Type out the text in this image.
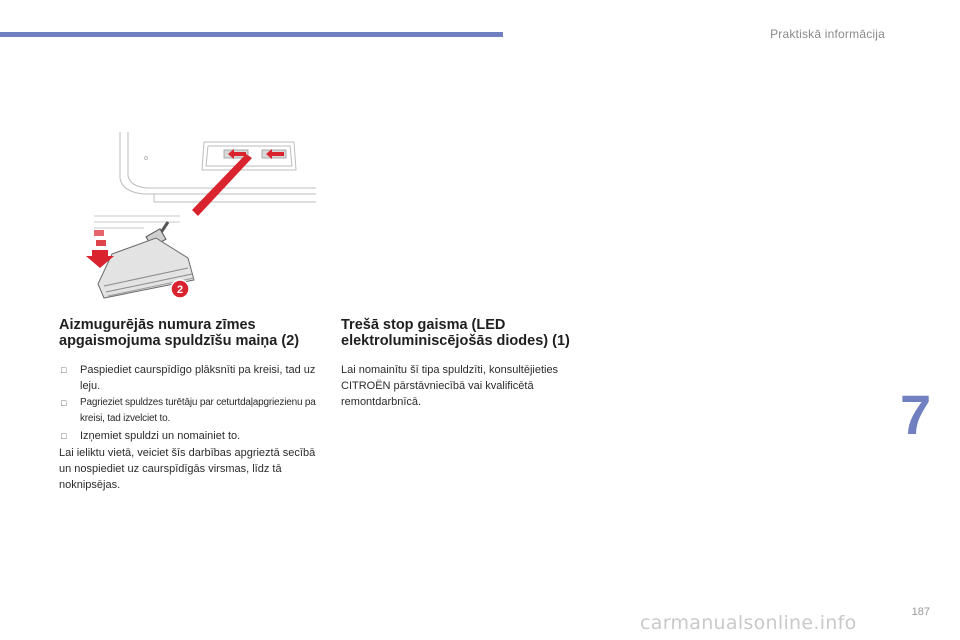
Praktiskā informācija
2
Aizmugurējās numura zīmes
apgaismojuma spuldzīšu maiņa (2)
□ Paspiediet caurspīdīgo plāksnīti pa kreisi, tad uz leju.
□ Pagrieziet spuldzes turētāju par ceturtdaļapgriezienu pa kreisi, tad izvelciet to.
□ Izņemiet spuldzi un nomainiet to.

Lai ieliktu vietā, veiciet šīs darbības apgrieztā secībā un nospiediet uz caurspīdīgās virsmas, līdz tā noknipsējas.

Trešā stop gaisma (LED
elektroluminiscējošās diodes) (1)

Lai nomainītu šī tipa spuldzīti, konsultējieties CITROËN pārstāvniecībā vai kvalificētā remontdarbnīcā.	7
187
carmanualsonline.info
